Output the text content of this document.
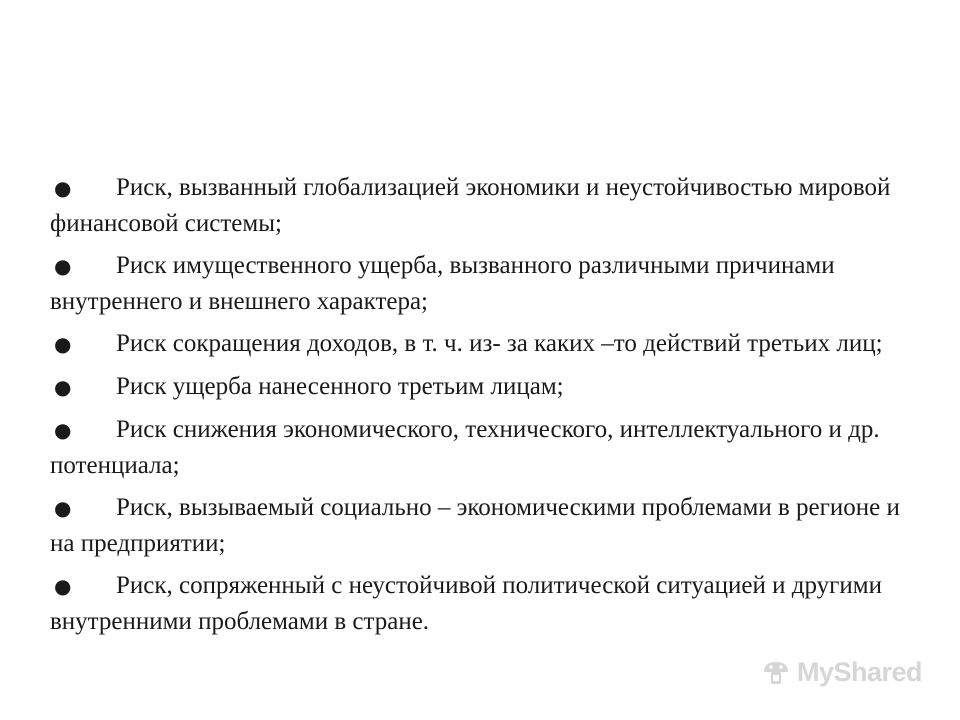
● Риск, вызванный глобализацией экономики и неустойчивостью мировой финансовой системы;
● Риск имущественного ущерба, вызванного различными причинами внутреннего и внешнего характера;
● Риск сокращения доходов, в т. ч. из- за каких –то действий третьих лиц;
● Риск ущерба нанесенного третьим лицам;
● Риск снижения экономического, технического, интеллектуального и др. потенциала;
● Риск, вызываемый социально – экономическими проблемами в регионе и на предприятии;
● Риск, сопряженный с неустойчивой политической ситуацией и другими внутренними проблемами в стране.
MyShared
